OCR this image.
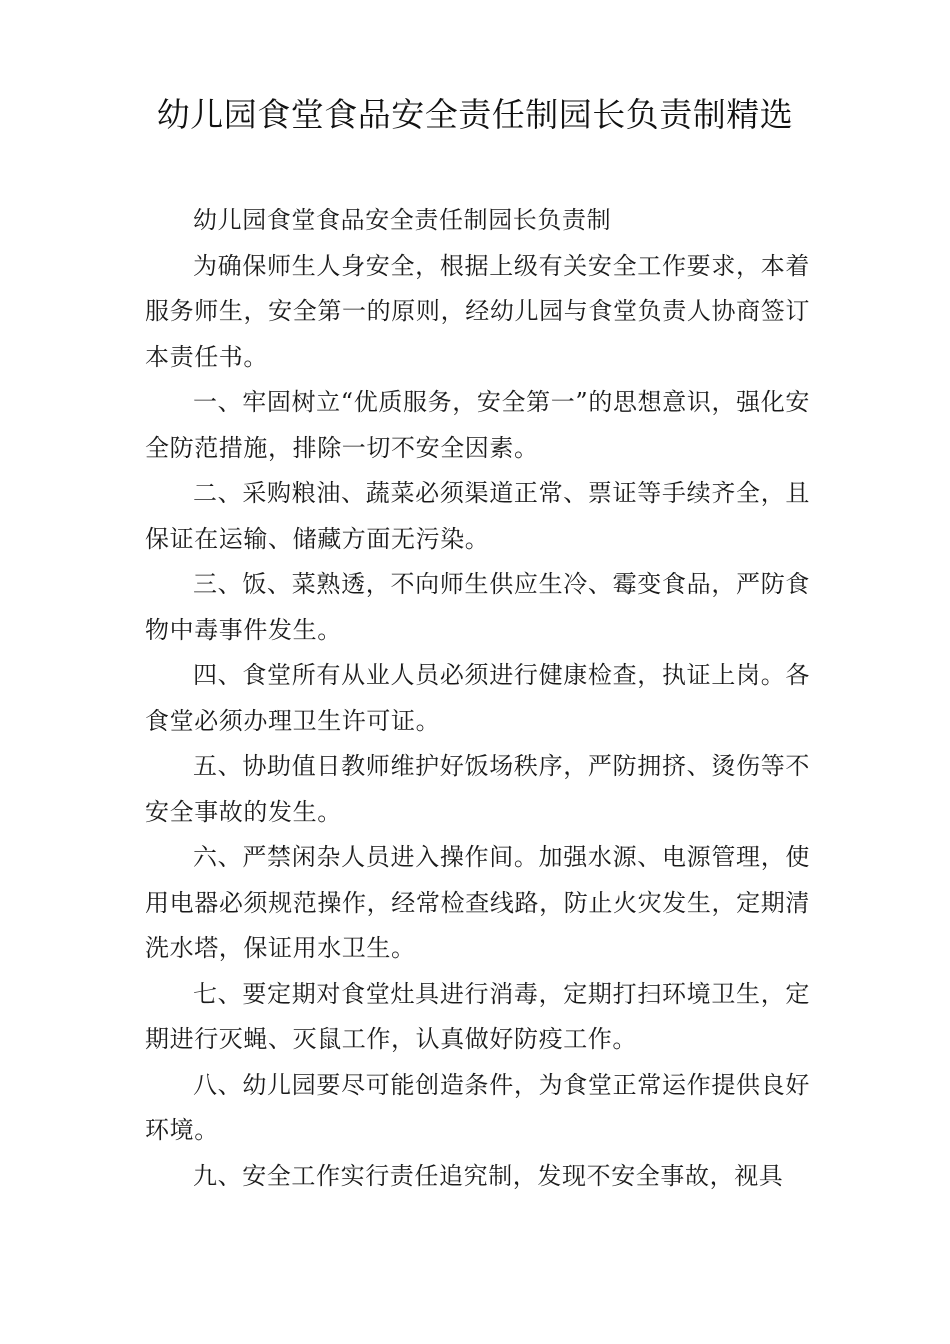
幼儿园食堂食品安全责任制园长负责制精选

幼儿园食堂食品安全责任制园长负责制

为确保师生人身安全，根据上级有关安全工作要求，本着服务师生，安全第一的原则，经幼儿园与食堂负责人协商签订本责任书。

一、牢固树立“优质服务，安全第一”的思想意识，强化安全防范措施，排除一切不安全因素。

二、采购粮油、蔬菜必须渠道正常、票证等手续齐全，且保证在运输、储藏方面无污染。

三、饭、菜熟透，不向师生供应生冷、霉变食品，严防食物中毒事件发生。

四、食堂所有从业人员必须进行健康检查，执证上岗。各食堂必须办理卫生许可证。

五、协助值日教师维护好饭场秩序，严防拥挤、烫伤等不安全事故的发生。

六、严禁闲杂人员进入操作间。加强水源、电源管理，使用电器必须规范操作，经常检查线路，防止火灾发生，定期清洗水塔，保证用水卫生。

七、要定期对食堂灶具进行消毒，定期打扫环境卫生，定期进行灭蝇、灭鼠工作，认真做好防疫工作。

八、幼儿园要尽可能创造条件，为食堂正常运作提供良好环境。

九、安全工作实行责任追究制，发现不安全事故，视具
